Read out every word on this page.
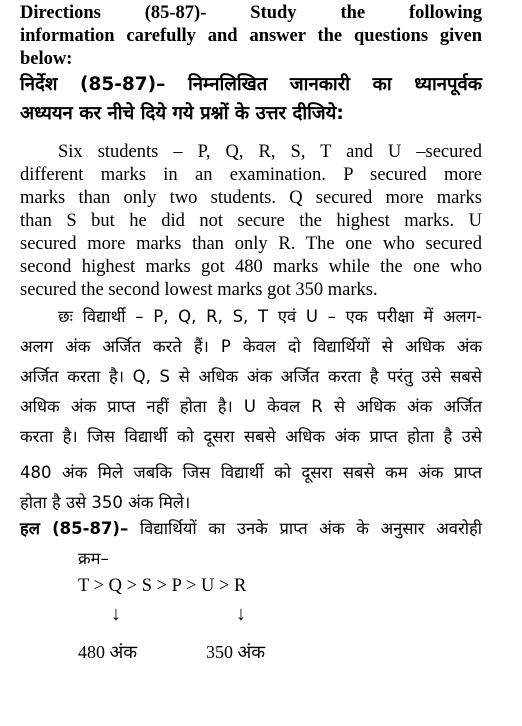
Directions (85-87)- Study the following
information carefully and answer the questions given
below:
निर्देश (85-87)– निम्नलिखित जानकारी का ध्यानपूर्वक
अध्ययन कर नीचे दिये गये प्रश्नों के उत्तर दीजिये:
Six students – P, Q, R, S, T and U –secured
different marks in an examination. P secured more
marks than only two students. Q secured more marks
than S but he did not secure the highest marks. U
secured more marks than only R. The one who secured
second highest marks got 480 marks while the one who
secured the second lowest marks got 350 marks.
छः विद्यार्थी – P, Q, R, S, T एवं U – एक परीक्षा में अलग-
अलग अंक अर्जित करते हैं। P केवल दो विद्यार्थियों से अधिक अंक
अर्जित करता है। Q, S से अधिक अंक अर्जित करता है परंतु उसे सबसे
अधिक अंक प्राप्त नहीं होता है। U केवल R से अधिक अंक अर्जित
करता है। जिस विद्यार्थी को दूसरा सबसे अधिक अंक प्राप्त होता है उसे
480 अंक मिले जबकि जिस विद्यार्थी को दूसरा सबसे कम अंक प्राप्त
होता है उसे 350 अंक मिले।
हल (85-87)– विद्यार्थियों का उनके प्राप्त अंक के अनुसार अवरोही
क्रम–
T > Q > S > P > U > R
↓	↓
480 अंक	350 अंक
